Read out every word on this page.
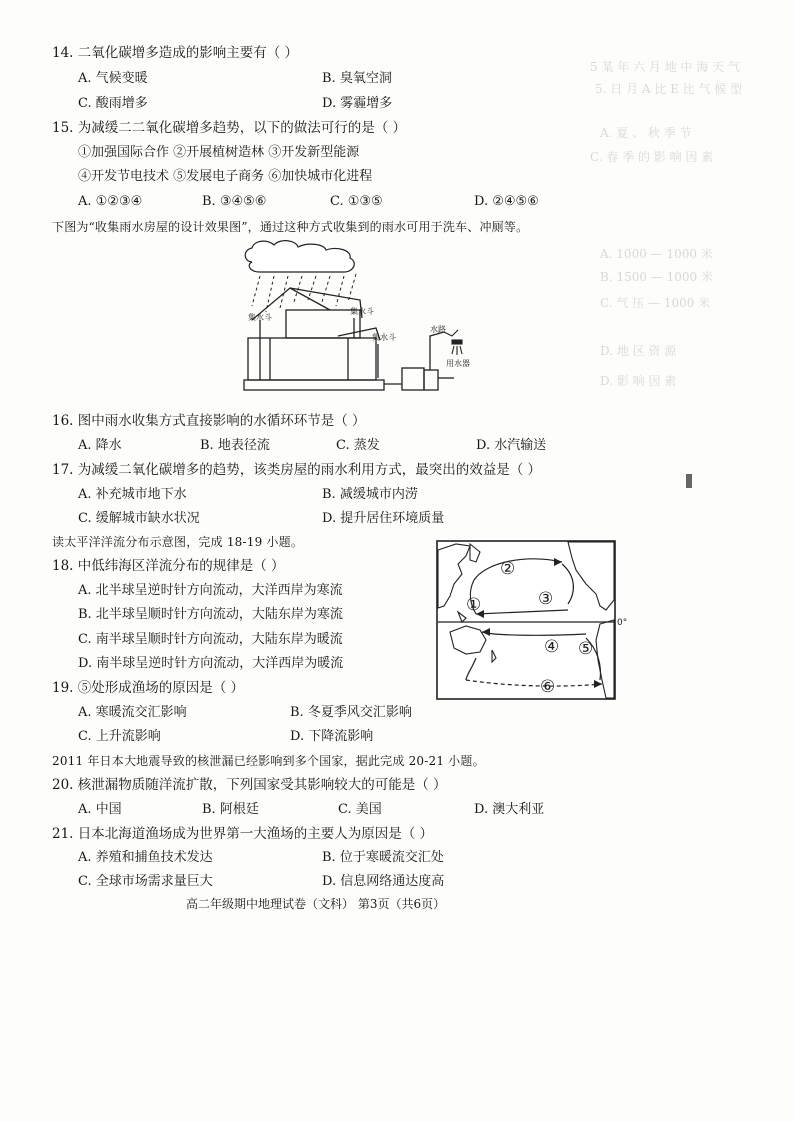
5 某 年 六 月 地 中 海 天 气
5. 日 月 A 比 E 比 气 候 型
A. 夏 、 秋 季 节
C. 春 季 的 影 响 因 素
A. 1000 — 1000 米
B. 1500 — 1000 米
C. 气 压 — 1000 米
D. 地 区 资 源
D. 影 响 因 素
14. 二氧化碳增多造成的影响主要有（ ）
A. 气候变暖	B. 臭氧空洞
C. 酸雨增多	D. 雾霾增多
15. 为减缓二二氧化碳增多趋势，以下的做法可行的是（ ）
①加强国际合作 ②开展植树造林 ③开发新型能源
④开发节电技术 ⑤发展电子商务 ⑥加快城市化进程
A. ①②③④	B. ③④⑤⑥	C. ①③⑤	D. ②④⑤⑥
下图为“收集雨水房屋的设计效果图”，通过这种方式收集到的雨水可用于洗车、冲厕等。
集水斗
集水斗
集水斗
水路
用水器
16. 图中雨水收集方式直接影响的水循环环节是（ ）
A. 降水	B. 地表径流	C. 蒸发	D. 水汽输送
17. 为减缓二氧化碳增多的趋势，该类房屋的雨水利用方式，最突出的效益是（ ）
A. 补充城市地下水	B. 减缓城市内涝
C. 缓解城市缺水状况	D. 提升居住环境质量
读太平洋洋流分布示意图，完成 18-19 小题。
18. 中低纬海区洋流分布的规律是（ ）
A. 北半球呈逆时针方向流动，大洋西岸为寒流
B. 北半球呈顺时针方向流动，大陆东岸为寒流
C. 南半球呈顺时针方向流动，大陆东岸为暖流
D. 南半球呈逆时针方向流动，大洋西岸为暖流
19. ⑤处形成渔场的原因是（ ）
A. 寒暖流交汇影响	B. 冬夏季风交汇影响
C. 上升流影响	D. 下降流影响
0°
①
②
③
④ ⑤
⑥
2011 年日本大地震导致的核泄漏已经影响到多个国家，据此完成 20-21 小题。
20. 核泄漏物质随洋流扩散，下列国家受其影响较大的可能是（ ）
A. 中国	B. 阿根廷	C. 美国	D. 澳大利亚
21. 日本北海道渔场成为世界第一大渔场的主要人为原因是（ ）
A. 养殖和捕鱼技术发达	B. 位于寒暖流交汇处
C. 全球市场需求量巨大	D. 信息网络通达度高
高二年级期中地理试卷（文科） 第3页（共6页）
